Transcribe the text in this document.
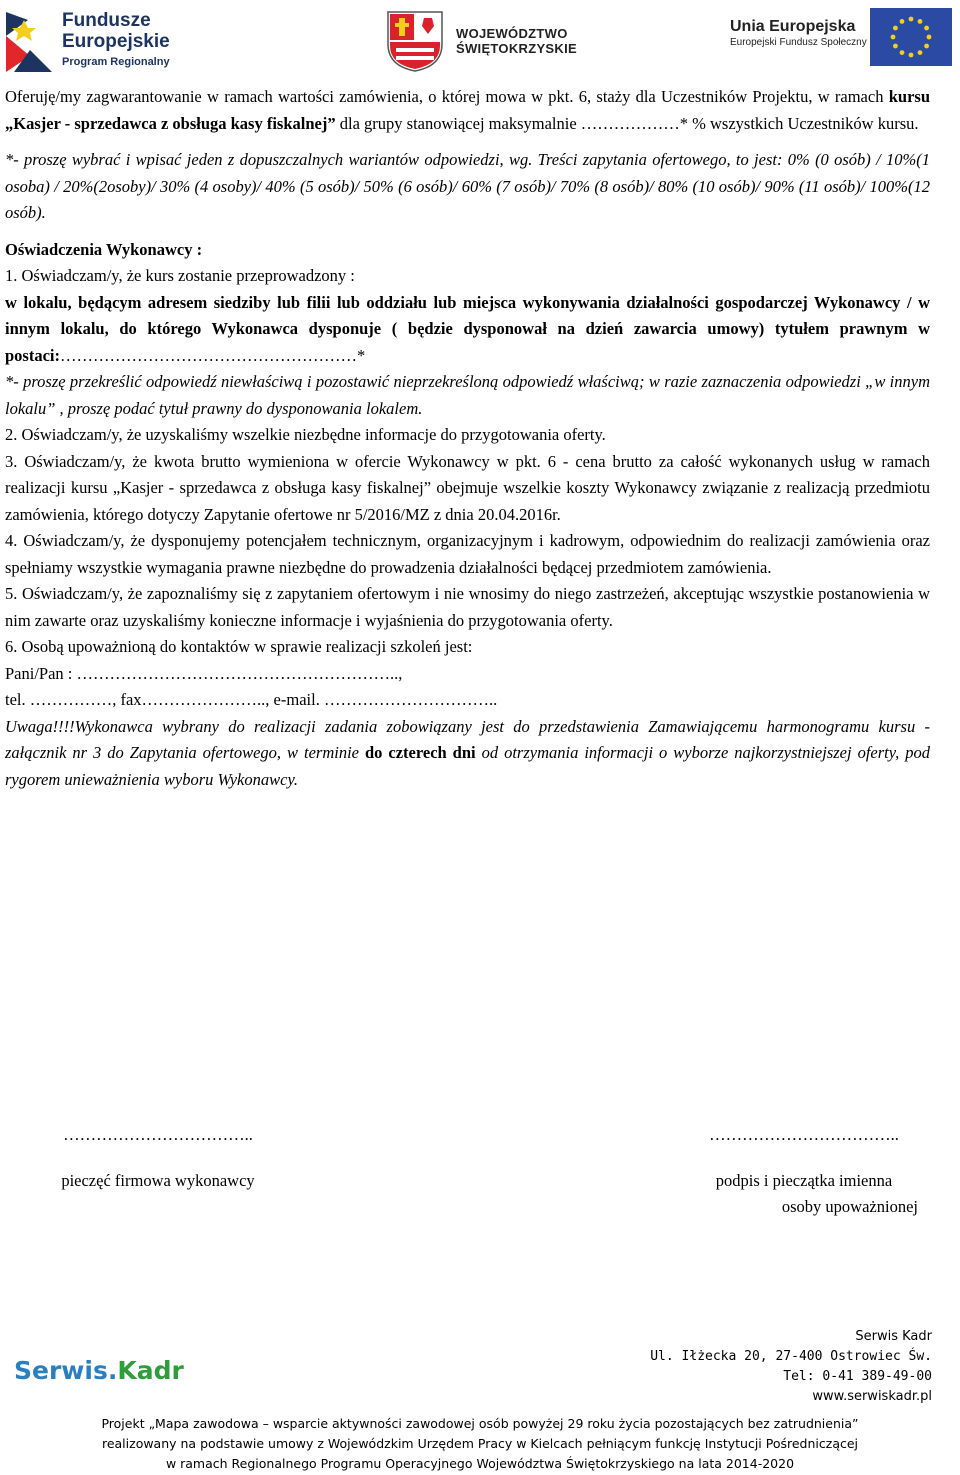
Fundusze
Europejskie
Program Regionalny
WOJEWÓDZTWO
ŚWIĘTOKRZYSKIE
Unia Europejska
Europejski Fundusz Społeczny

Oferuję/my zagwarantowanie w ramach wartości zamówienia, o której mowa w pkt. 6, staży dla Uczestników Projektu, w ramach kursu „Kasjer - sprzedawca z obsługa kasy fiskalnej” dla grupy stanowiącej maksymalnie ………………* % wszystkich Uczestników kursu.

*- proszę wybrać i wpisać jeden z dopuszczalnych wariantów odpowiedzi, wg. Treści zapytania ofertowego, to jest: 0% (0 osób) / 10%(1 osoba) / 20%(2osoby)/ 30% (4 osoby)/ 40% (5 osób)/ 50% (6 osób)/ 60% (7 osób)/ 70% (8 osób)/ 80% (10 osób)/ 90% (11 osób)/ 100%(12 osób).

Oświadczenia Wykonawcy :

1. Oświadczam/y, że kurs zostanie przeprowadzony :

w lokalu, będącym adresem siedziby lub filii lub oddziału lub miejsca wykonywania działalności gospodarczej Wykonawcy / w innym lokalu, do którego Wykonawca dysponuje ( będzie dysponował na dzień zawarcia umowy) tytułem prawnym w postaci:………………………………………………*

*- proszę przekreślić odpowiedź niewłaściwą i pozostawić nieprzekreśloną odpowiedź właściwą; w razie zaznaczenia odpowiedzi „w innym lokalu” , proszę podać tytuł prawny do dysponowania lokalem.

2. Oświadczam/y, że uzyskaliśmy wszelkie niezbędne informacje do przygotowania oferty.

3. Oświadczam/y, że kwota brutto wymieniona w ofercie Wykonawcy w pkt. 6 - cena brutto za całość wykonanych usług w ramach realizacji kursu „Kasjer - sprzedawca z obsługa kasy fiskalnej” obejmuje wszelkie koszty Wykonawcy związanie z realizacją przedmiotu zamówienia, którego dotyczy Zapytanie ofertowe nr 5/2016/MZ z dnia 20.04.2016r.

4. Oświadczam/y, że dysponujemy potencjałem technicznym, organizacyjnym i kadrowym, odpowiednim do realizacji zamówienia oraz spełniamy wszystkie wymagania prawne niezbędne do prowadzenia działalności będącej przedmiotem zamówienia.

5. Oświadczam/y, że zapoznaliśmy się z zapytaniem ofertowym i nie wnosimy do niego zastrzeżeń, akceptując wszystkie postanowienia w nim zawarte oraz uzyskaliśmy konieczne informacje i wyjaśnienia do przygotowania oferty.

6. Osobą upoważnioną do kontaktów w sprawie realizacji szkoleń jest:

Pani/Pan : …………………………………………………..,

tel. ……………, fax………………….., e-mail. …………………………..

Uwaga!!!!Wykonawca wybrany do realizacji zadania zobowiązany jest do przedstawienia Zamawiającemu harmonogramu kursu - załącznik nr 3 do Zapytania ofertowego, w terminie do czterech dni od otrzymania informacji o wyborze najkorzystniejszej oferty, pod rygorem unieważnienia wyboru Wykonawcy.

……………………………..
pieczęć firmowa wykonawcy
……………………………..
podpis i pieczątka imienna
osoby upoważnionej
Serwis.Kadr
Serwis Kadr
Ul. Iłżecka 20, 27-400 Ostrowiec Św.
Tel: 0-41 389-49-00
www.serwiskadr.pl
Projekt „Mapa zawodowa – wsparcie aktywności zawodowej osób powyżej 29 roku życia pozostających bez zatrudnienia”
realizowany na podstawie umowy z Wojewódzkim Urzędem Pracy w Kielcach pełniącym funkcję Instytucji Pośredniczącej
w ramach Regionalnego Programu Operacyjnego Województwa Świętokrzyskiego na lata 2014-2020
